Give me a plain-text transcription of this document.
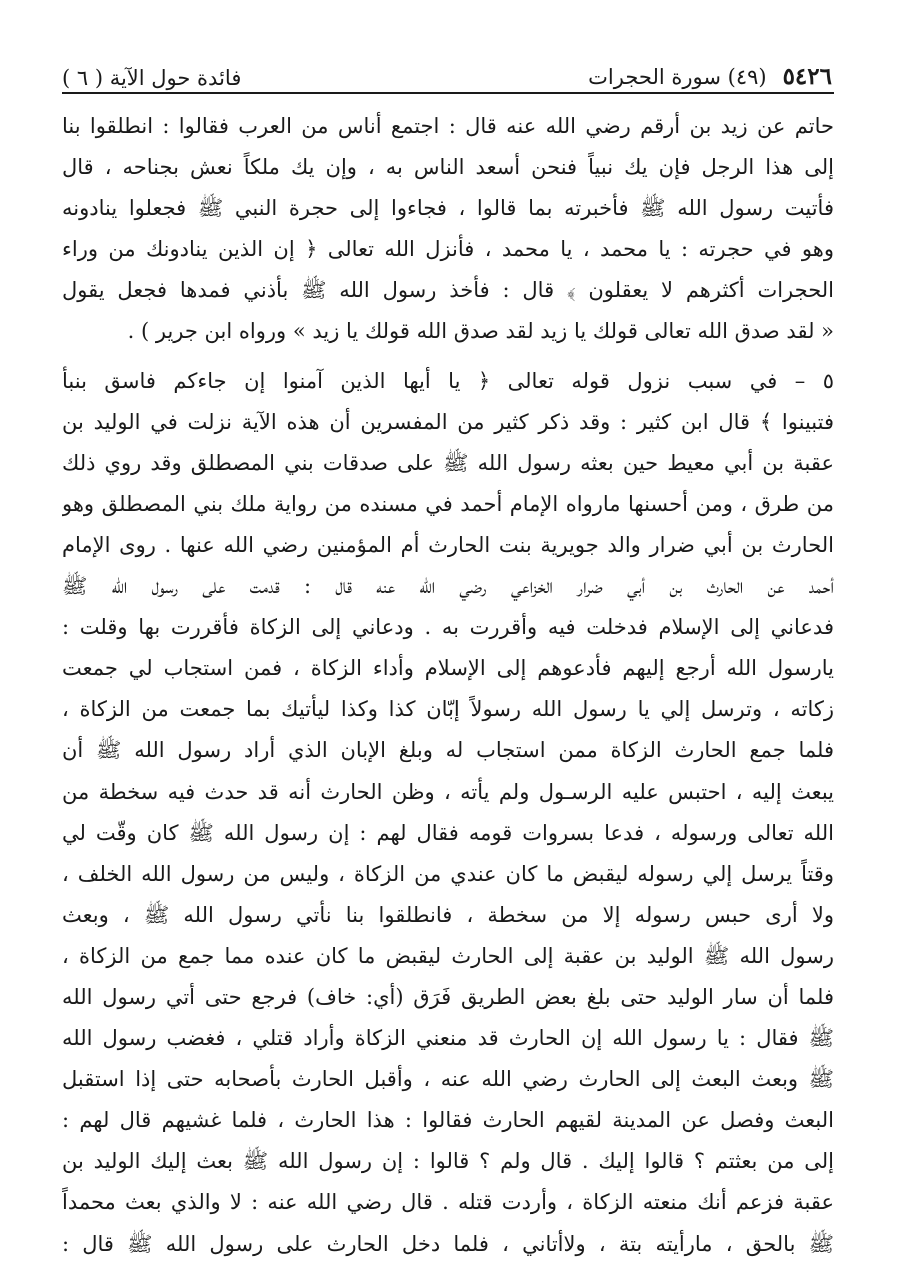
٥٤٢٦
(٤٩) سورة الحجرات
فائدة حول الآية ( ٦ )
حاتم عن زيد بن أرقم رضي الله عنه قال : اجتمع أناس من العرب فقالوا : انطلقوا بنا
إلى هذا الرجل فإن يك نبياً فنحن أسعد الناس به ، وإن يك ملكاً نعش بجناحه ، قال
فأتيت رسول الله ﷺ فأخبرته بما قالوا ، فجاءوا إلى حجرة النبي ﷺ فجعلوا ينادونه
وهو في حجرته : يا محمد ، يا محمد ، فأنزل الله تعالى ﴿ إن الذين ينادونك من وراء
الحجرات أكثرهم لا يعقلون ﴾ قال : فأخذ رسول الله ﷺ بأذني فمدها فجعل يقول
« لقد صدق الله تعالى قولك يا زيد لقد صدق الله قولك يا زيد » ورواه ابن جرير ) .
٥ – في سبب نزول قوله تعالى ﴿ يا أيها الذين آمنوا إن جاءكم فاسق بنبأ
فتبينوا ﴾ قال ابن كثير : وقد ذكر كثير من المفسرين أن هذه الآية نزلت في الوليد بن
عقبة بن أبي معيط حين بعثه رسول الله ﷺ على صدقات بني المصطلق وقد روي ذلك
من طرق ، ومن أحسنها مارواه الإمام أحمد في مسنده من رواية ملك بني المصطلق وهو
الحارث بن أبي ضرار والد جويرية بنت الحارث أم المؤمنين رضي الله عنها . روى الإمام
أحمد عن الحارث بن أبي ضرار الخزاعي رضي الله عنه قال : قدمت على رسول الله ﷺ
فدعاني إلى الإسلام فدخلت فيه وأقررت به . ودعاني إلى الزكاة فأقررت بها وقلت :
يارسول الله أرجع إليهم فأدعوهم إلى الإسلام وأداء الزكاة ، فمن استجاب لي جمعت
زكاته ، وترسل إلي يا رسول الله رسولاً إبّان كذا وكذا ليأتيك بما جمعت من الزكاة ،
فلما جمع الحارث الزكاة ممن استجاب له وبلغ الإبان الذي أراد رسول الله ﷺ أن
يبعث إليه ، احتبس عليه الرسـول ولم يأته ، وظن الحارث أنه قد حدث فيه سخطة من
الله تعالى ورسوله ، فدعا بسروات قومه فقال لهم : إن رسول الله ﷺ كان وقّت لي
وقتاً يرسل إلي رسوله ليقبض ما كان عندي من الزكاة ، وليس من رسول الله الخلف ،
ولا أرى حبس رسوله إلا من سخطة ، فانطلقوا بنا نأتي رسول الله ﷺ ، وبعث
رسول الله ﷺ الوليد بن عقبة إلى الحارث ليقبض ما كان عنده مما جمع من الزكاة ،
فلما أن سار الوليد حتى بلغ بعض الطريق فَرَق (أي: خاف) فرجع حتى أتي رسول الله
ﷺ فقال : يا رسول الله إن الحارث قد منعني الزكاة وأراد قتلي ، فغضب رسول الله
ﷺ وبعث البعث إلى الحارث رضي الله عنه ، وأقبل الحارث بأصحابه حتى إذا استقبل
البعث وفصل عن المدينة لقيهم الحارث فقالوا : هذا الحارث ، فلما غشيهم قال لهم :
إلى من بعثتم ؟ قالوا إليك . قال ولم ؟ قالوا : إن رسول الله ﷺ بعث إليك الوليد بن
عقبة فزعم أنك منعته الزكاة ، وأردت قتله . قال رضي الله عنه : لا والذي بعث محمداً
ﷺ بالحق ، مارأيته بتة ، ولاأتاني ، فلما دخل الحارث على رسول الله ﷺ قال :
